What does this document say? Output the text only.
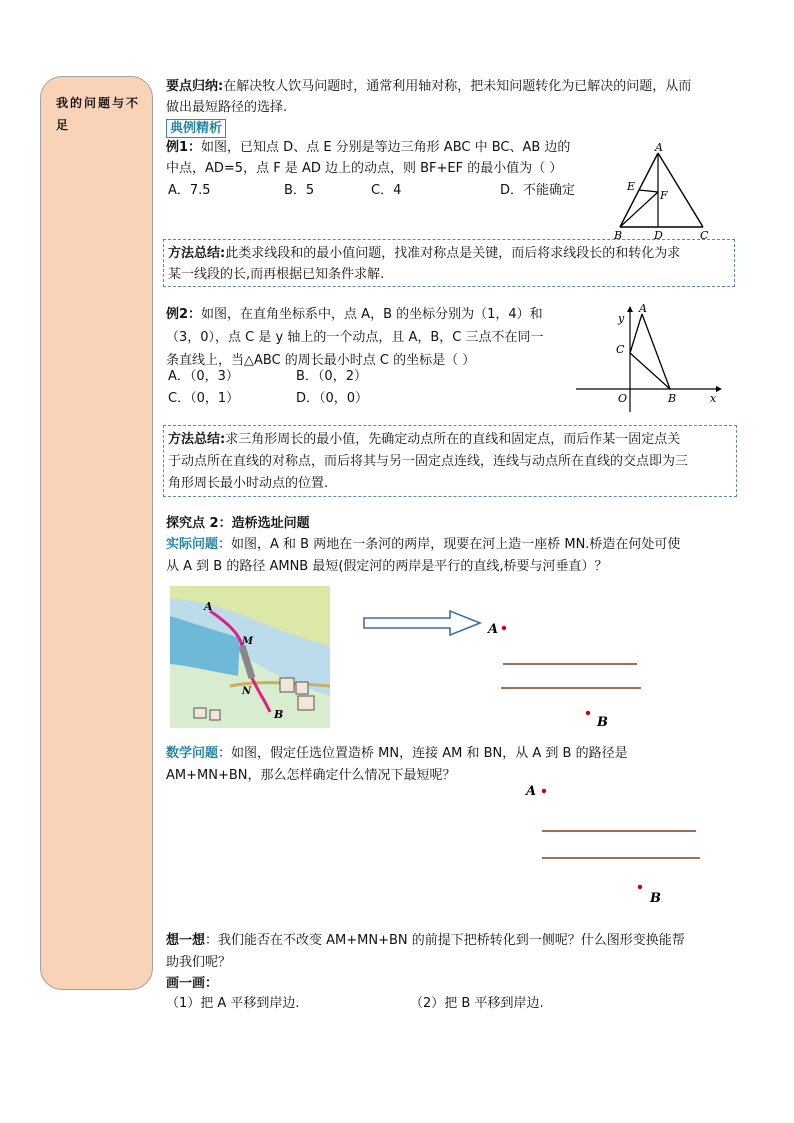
我的问题与不足
要点归纳:在解决牧人饮马问题时，通常利用轴对称，把未知问题转化为已解决的问题，从而
做出最短路径的选择.
典例精析
例1：如图，已知点 D、点 E 分别是等边三角形 ABC 中 BC、AB 边的
中点，AD=5，点 F 是 AD 边上的动点，则 BF+EF 的最小值为（ ）
A．7.5	B．5	C．4	D．不能确定
A
E
F
B	D	C
方法总结:此类求线段和的最小值问题，找准对称点是关键，而后将求线段长的和转化为求
某一线段的长,而再根据已知条件求解.
例2：如图，在直角坐标系中，点 A，B 的坐标分别为（1，4）和
（3，0），点 C 是 y 轴上的一个动点，且 A，B，C 三点不在同一
条直线上，当△ABC 的周长最小时点 C 的坐标是（ ）
A．（0，3）	B．（0，2）
C．（0，1）	D．（0，0）
y
A
C
O	B	x
方法总结:求三角形周长的最小值，先确定动点所在的直线和固定点，而后作某一固定点关
于动点所在直线的对称点，而后将其与另一固定点连线，连线与动点所在直线的交点即为三
角形周长最小时动点的位置.
探究点 2：造桥选址问题
实际问题：如图，A 和 B 两地在一条河的两岸，现要在河上造一座桥 MN.桥造在何处可使
从 A 到 B 的路径 AMNB 最短(假定河的两岸是平行的直线,桥要与河垂直）？
A
M
N
B
A
B
数学问题：如图，假定任选位置造桥 MN，连接 AM 和 BN，从 A 到 B 的路径是
AM+MN+BN，那么怎样确定什么情况下最短呢？
A
B
想一想：我们能否在不改变 AM+MN+BN 的前提下把桥转化到一侧呢？什么图形变换能帮
助我们呢？
画一画：
（1）把 A 平移到岸边.	（2）把 B 平移到岸边.
